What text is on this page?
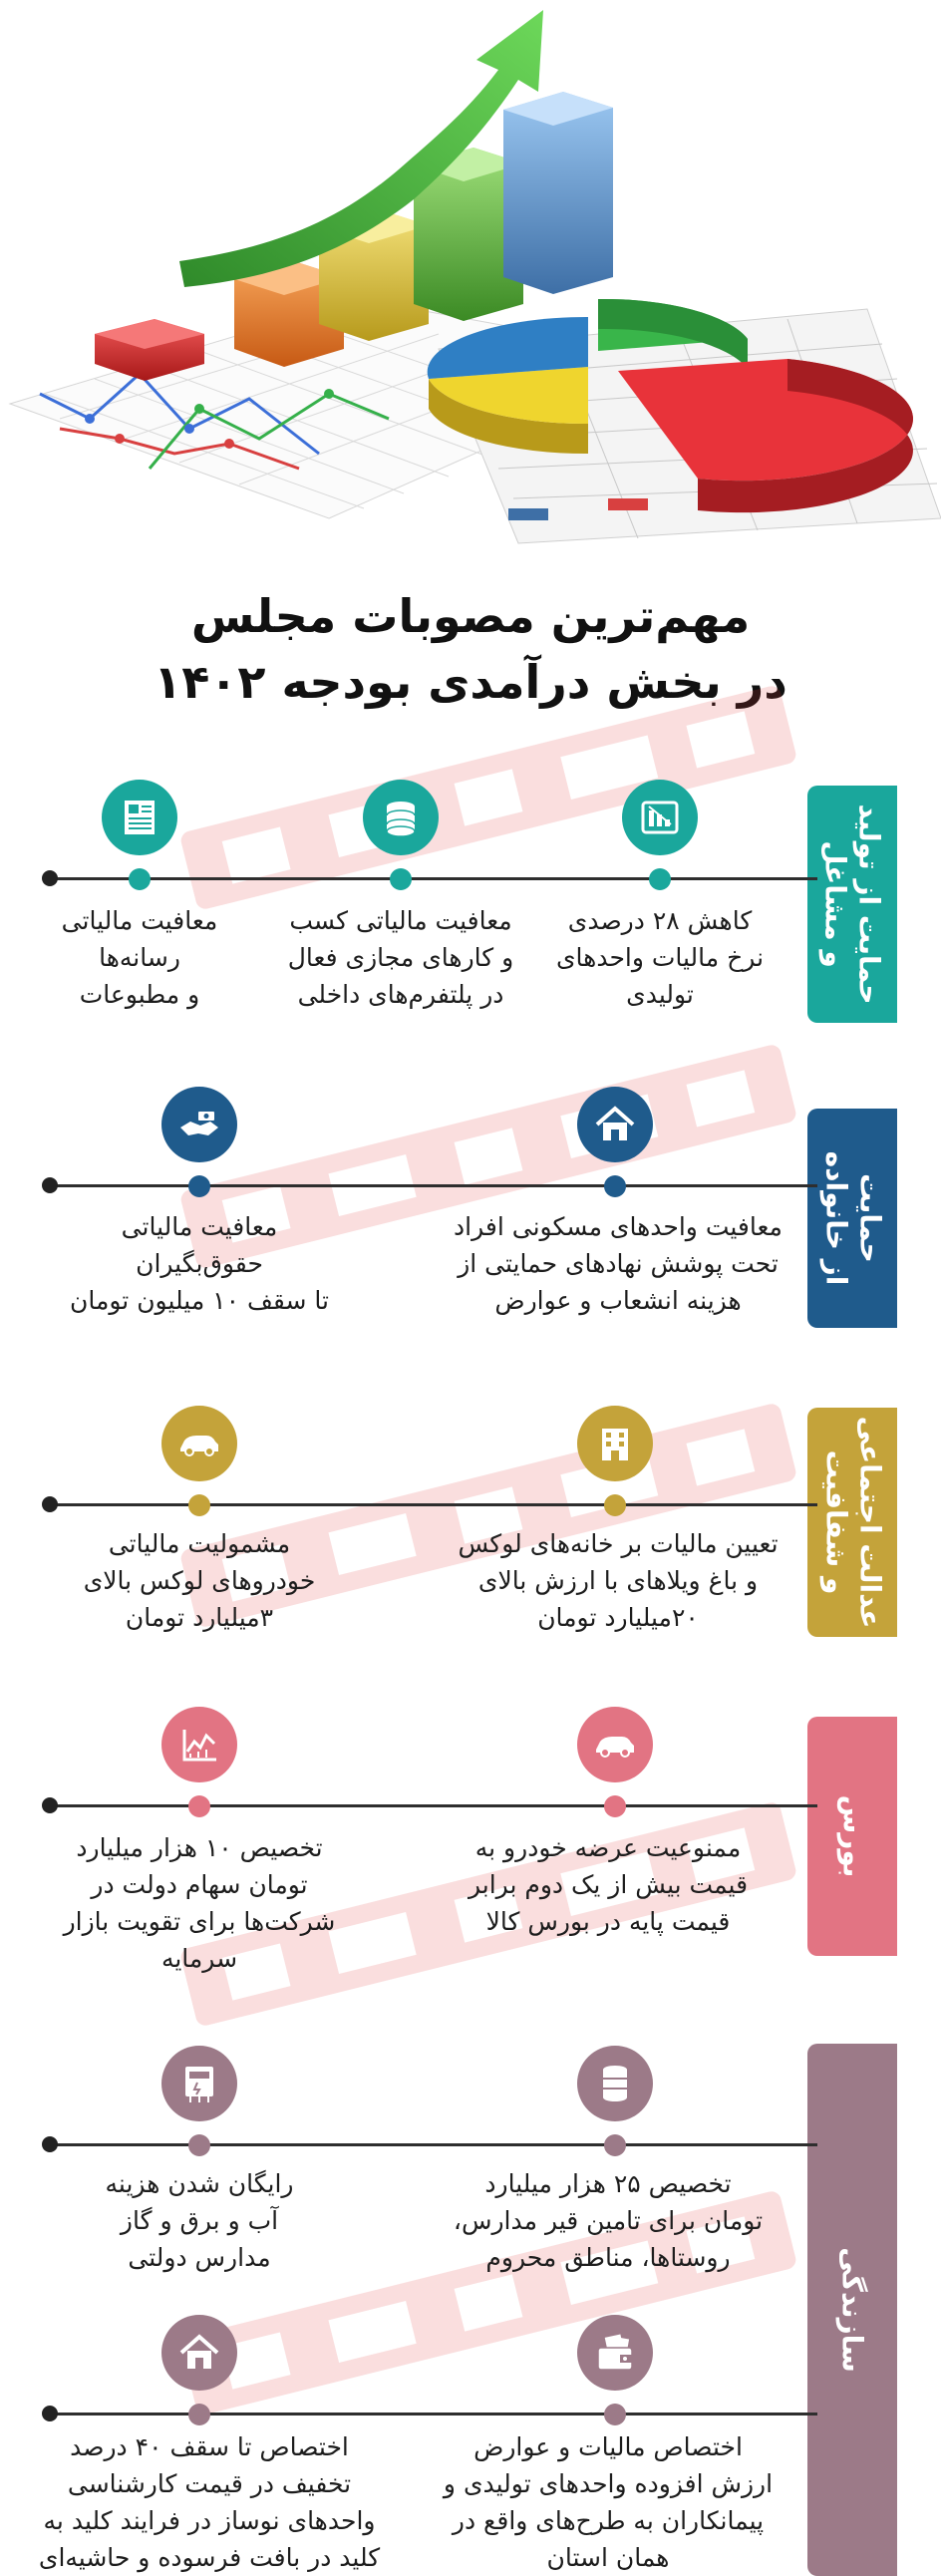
مهم‌ترین مصوبات مجلس
در بخش درآمدی بودجه ۱۴۰۲
حمایت از تولید
و مشاغل
کاهش ۲۸ درصدی
نرخ مالیات واحدهای
تولیدی
معافیت مالیاتی کسب
و کارهای مجازی فعال
در پلتفرم‌های داخلی
معافیت مالیاتی
رسانه‌ها
و مطبوعات
حمایت
از خانواده
معافیت واحدهای مسکونی افراد
تحت پوشش نهادهای حمایتی از
هزینه انشعاب و عوارض
معافیت مالیاتی
حقوق‌بگیران
تا سقف ۱۰ میلیون تومان
عدالت اجتماعی
و شفافیت
تعیین مالیات بر خانه‌های لوکس
و باغ ویلاهای با ارزش بالای
۲۰میلیارد تومان
مشمولیت مالیاتی
خودروهای لوکس بالای
۳میلیارد تومان
بورس
ممنوعیت عرضه خودرو به
قیمت بیش از یک دوم برابر
قیمت پایه در بورس کالا
تخصیص ۱۰ هزار میلیارد
تومان سهام دولت در
شرکت‌ها برای تقویت بازار
سرمایه
سازندگی
تخصیص ۲۵ هزار میلیارد
تومان برای تامین قیر مدارس،
روستاها، مناطق محروم
رایگان شدن هزینه
آب و برق و گاز
مدارس دولتی
اختصاص مالیات و عوارض
ارزش افزوده واحدهای تولیدی و
پیمانکاران به طرح‌های واقع در
همان استان
اختصاص تا سقف ۴۰ درصد
تخفیف در قیمت کارشناسی
واحدهای نوساز در فرایند کلید به
کلید در بافت فرسوده و حاشیه‌ای
